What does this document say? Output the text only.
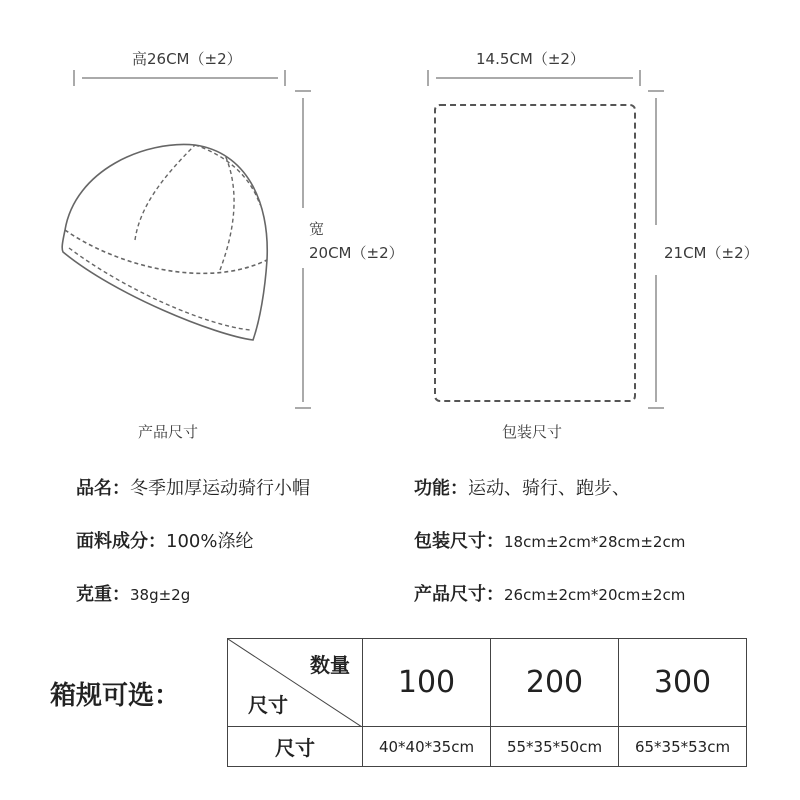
高26CM（±2）
宽
20CM（±2）
产品尺寸
14.5CM（±2）
21CM（±2）
包装尺寸
品名：冬季加厚运动骑行小帽	功能：运动、骑行、跑步、
面料成分：100%涤纶	包装尺寸：18cm±2cm*28cm±2cm
克重：38g±2g	产品尺寸：26cm±2cm*20cm±2cm
箱规可选：
数量
尺寸	100	200	300
尺寸	40*40*35cm	55*35*50cm	65*35*53cm
